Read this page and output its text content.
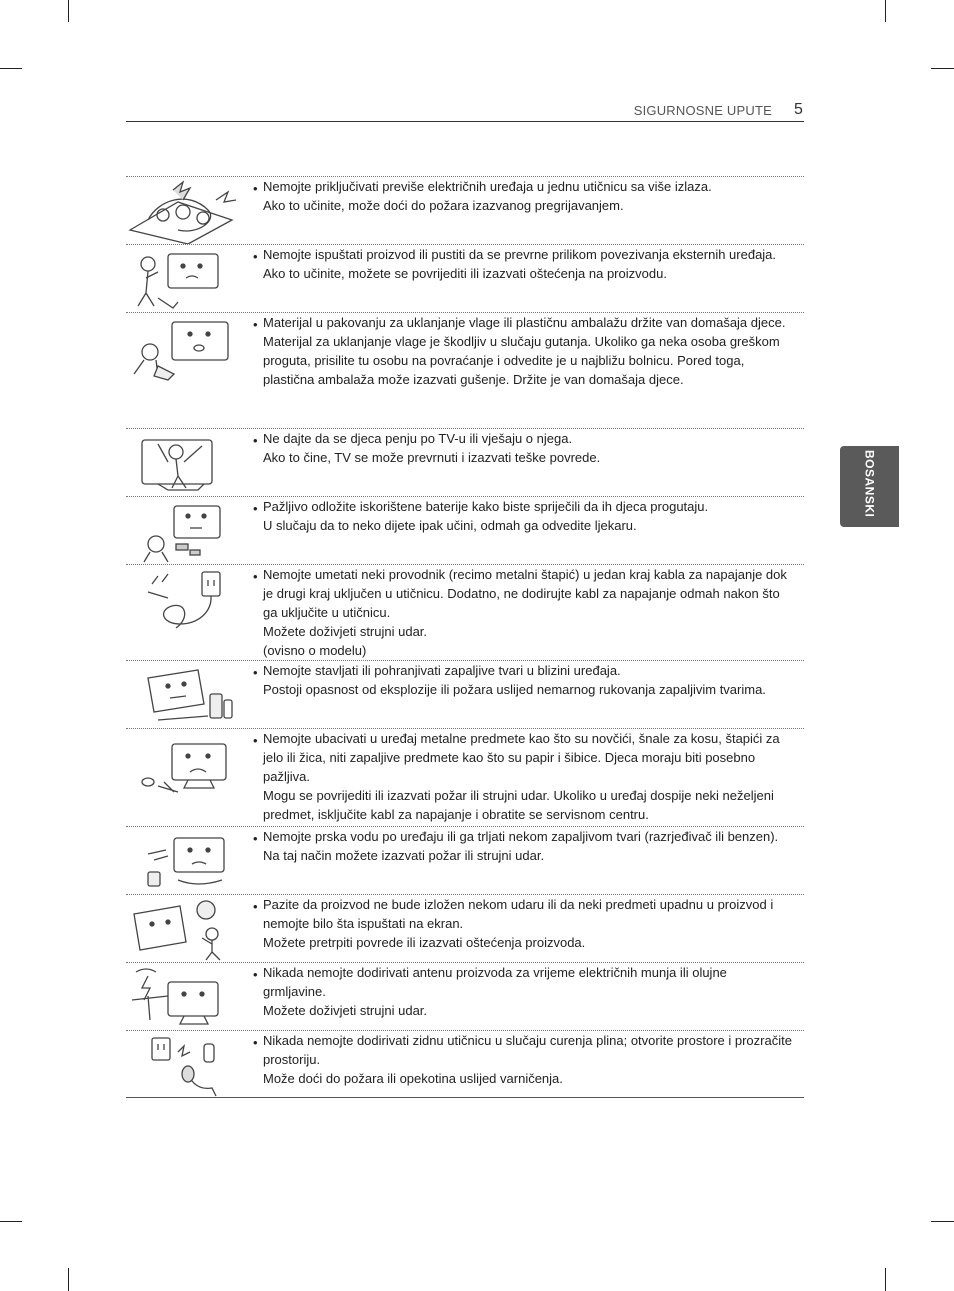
SIGURNOSNE UPUTE 5
BOSANSKI
• Nemojte priključivati previše električnih uređaja u jednu utičnicu sa više izlaza.
Ako to učinite, može doći do požara izazvanog pregrijavanjem.
• Nemojte ispuštati proizvod ili pustiti da se prevrne prilikom povezivanja eksternih uređaja.
Ako to učinite, možete se povrijediti ili izazvati oštećenja na proizvodu.
• Materijal u pakovanju za uklanjanje vlage ili plastičnu ambalažu držite van domašaja djece.
Materijal za uklanjanje vlage je škodljiv u slučaju gutanja. Ukoliko ga neka osoba greškom proguta, prisilite tu osobu na povraćanje i odvedite je u najbližu bolnicu. Pored toga, plastična ambalaža može izazvati gušenje. Držite je van domašaja djece.
• Ne dajte da se djeca penju po TV-u ili vješaju o njega.
Ako to čine, TV se može prevrnuti i izazvati teške povrede.
• Pažljivo odložite iskorištene baterije kako biste spriječili da ih djeca progutaju.
U slučaju da to neko dijete ipak učini, odmah ga odvedite ljekaru.
• Nemojte umetati neki provodnik (recimo metalni štapić) u jedan kraj kabla za napajanje dok je drugi kraj uključen u utičnicu. Dodatno, ne dodirujte kabl za napajanje odmah nakon što ga uključite u utičnicu.
Možete doživjeti strujni udar.
(ovisno o modelu)
• Nemojte stavljati ili pohranjivati zapaljive tvari u blizini uređaja.
Postoji opasnost od eksplozije ili požara uslijed nemarnog rukovanja zapaljivim tvarima.
• Nemojte ubacivati u uređaj metalne predmete kao što su novčići, šnale za kosu, štapići za jelo ili žica, niti zapaljive predmete kao što su papir i šibice. Djeca moraju biti posebno pažljiva.
Mogu se povrijediti ili izazvati požar ili strujni udar. Ukoliko u uređaj dospije neki neželjeni predmet, isključite kabl za napajanje i obratite se servisnom centru.
• Nemojte prska vodu po uređaju ili ga trljati nekom zapaljivom tvari (razrjeđivač ili benzen). Na taj način možete izazvati požar ili strujni udar.
• Pazite da proizvod ne bude izložen nekom udaru ili da neki predmeti upadnu u proizvod i nemojte bilo šta ispuštati na ekran.
Možete pretrpiti povrede ili izazvati oštećenja proizvoda.
• Nikada nemojte dodirivati antenu proizvoda za vrijeme električnih munja ili olujne grmljavine.
Možete doživjeti strujni udar.
• Nikada nemojte dodirivati zidnu utičnicu u slučaju curenja plina; otvorite prostore i prozračite prostoriju.
Može doći do požara ili opekotina uslijed varničenja.
